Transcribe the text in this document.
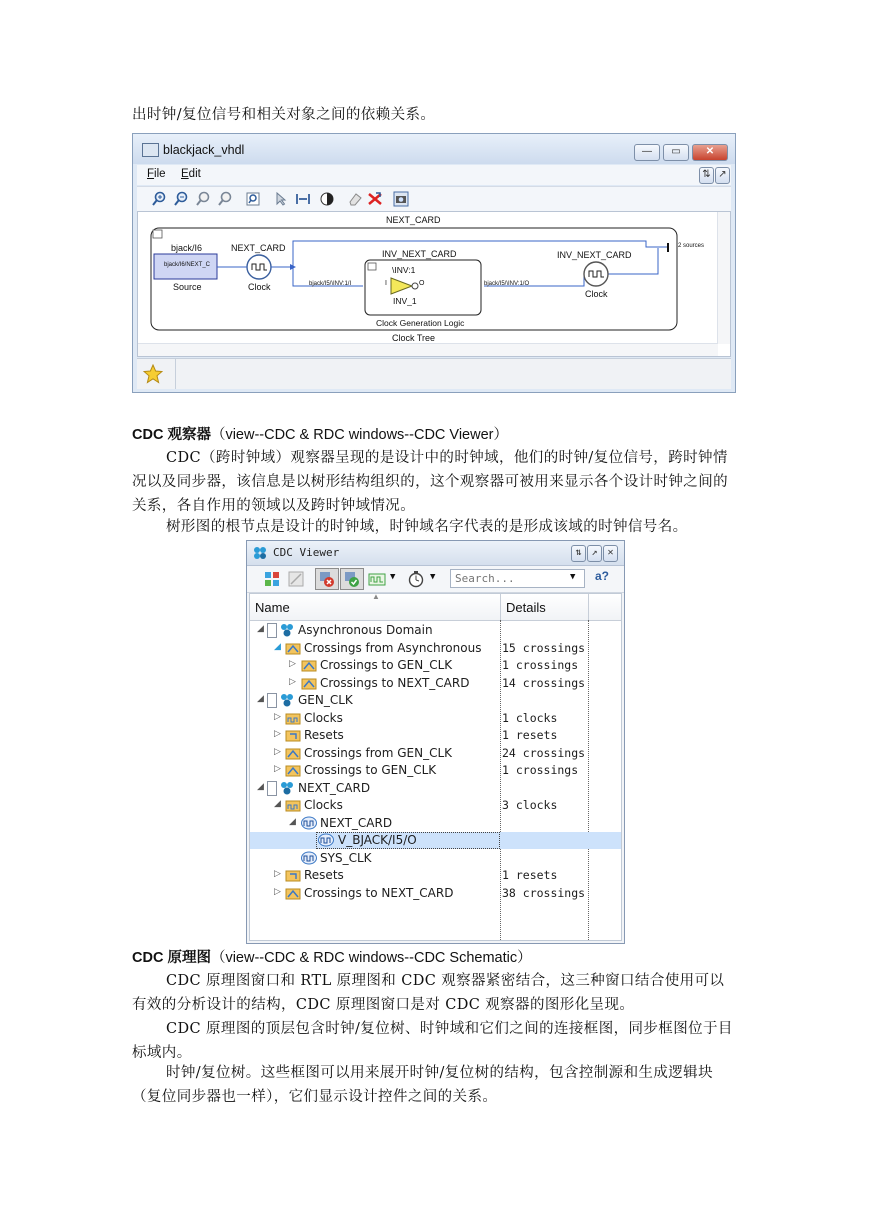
出时钟/复位信号和相关对象之间的依赖关系。
blackjack_vhdl	—	▭	✕
File Edit	⇅ ↗
NEXT_CARD
Clock Tree
bjack/I6
bjack/I6/NEXT_C
Source
NEXT_CARD
Clock
INV_NEXT_CARD
\INV:1
INV_1
I	O
Clock Generation Logic
bjack/I5/\INV:1/I	bjack/I5/\INV:1/O
INV_NEXT_CARD
Clock
2 sources
CDC 观察器（view--CDC & RDC windows--CDC Viewer）
CDC（跨时钟域）观察器呈现的是设计中的时钟域，他们的时钟/复位信号，跨时钟情况以及同步器，该信息是以树形结构组织的，这个观察器可被用来显示各个设计时钟之间的关系，各自作用的领域以及跨时钟域情况。
树形图的根节点是设计的时钟域，时钟域名字代表的是形成该域的时钟信号名。
CDC Viewer	⇅ ↗ ✕
▼	▼
Search...	▼ a?
Name
▲
Details
◢	Asynchronous Domain
◢ Crossings from Asynchronous 15 crossings
▷ Crossings to GEN_CLK	1 crossings
▷ Crossings to NEXT_CARD	14 crossings
◢	GEN_CLK
▷ Clocks	1 clocks
▷ Resets	1 resets
▷ Crossings from GEN_CLK	24 crossings
▷ Crossings to GEN_CLK	1 crossings
◢	NEXT_CARD
◢ Clocks	3 clocks
◢ NEXT_CARD
V_BJACK/I5/O
SYS_CLK
▷ Resets	1 resets
▷ Crossings to NEXT_CARD	38 crossings
CDC 原理图（view--CDC & RDC windows--CDC Schematic）
CDC 原理图窗口和 RTL 原理图和 CDC 观察器紧密结合，这三种窗口结合使用可以有效的分析设计的结构，CDC 原理图窗口是对 CDC 观察器的图形化呈现。
CDC 原理图的顶层包含时钟/复位树、时钟域和它们之间的连接框图，同步框图位于目标域内。
时钟/复位树。这些框图可以用来展开时钟/复位树的结构，包含控制源和生成逻辑块（复位同步器也一样），它们显示设计控件之间的关系。
